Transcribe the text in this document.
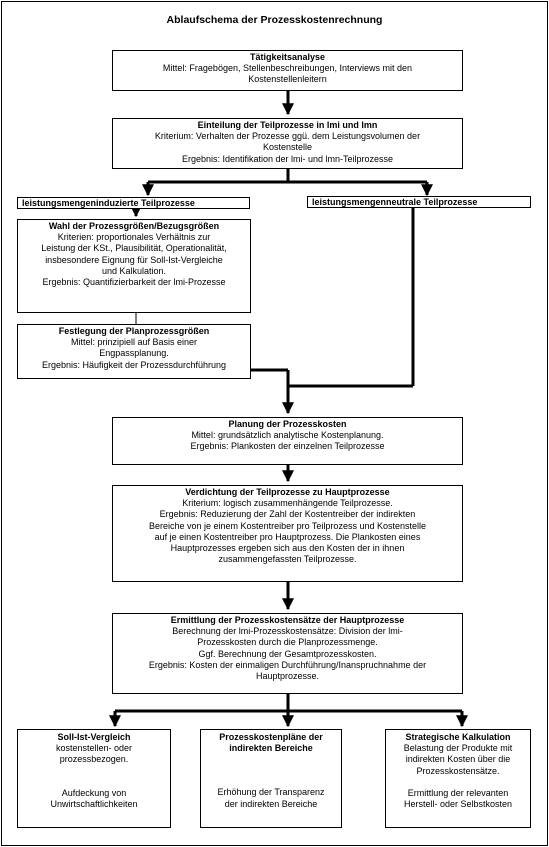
Ablaufschema der Prozesskostenrechnung
Tätigkeitsanalyse
Mittel: Fragebögen, Stellenbeschreibungen, Interviews mit den
Kostenstellenleitern
Einteilung der Teilprozesse in lmi und lmn
Kriterium: Verhalten der Prozesse ggü. dem Leistungsvolumen der
Kostenstelle
Ergebnis: Identifikation der lmi- und lmn-Teilprozesse
leistungsmengeninduzierte Teilprozesse	leistungsmengenneutrale Teilprozesse
Wahl der Prozessgrößen/Bezugsgrößen
Kriterien: proportionales Verhältnis zur
Leistung der KSt., Plausibilität, Operationalität,
insbesondere Eignung für Soll-Ist-Vergleiche
und Kalkulation.
Ergebnis: Quantifizierbarkeit der lmi-Prozesse
Festlegung der Planprozessgrößen
Mittel: prinzipiell auf Basis einer
Engpassplanung.
Ergebnis: Häufigkeit der Prozessdurchführung
Planung der Prozesskosten
Mittel: grundsätzlich analytische Kostenplanung.
Ergebnis: Plankosten der einzelnen Teilprozesse
Verdichtung der Teilprozesse zu Hauptprozesse
Kriterium: logisch zusammenhängende Teilprozesse.
Ergebnis: Reduzierung der Zahl der Kostentreiber der indirekten
Bereiche von je einem Kostentreiber pro Teilprozess und Kostenstelle
auf je einen Kostentreiber pro Hauptprozess. Die Plankosten eines
Hauptprozesses ergeben sich aus den Kosten der in ihnen
zusammengefassten Teilprozesse.
Ermittlung der Prozesskostensätze der Hauptprozesse
Berechnung der lmi-Prozesskostensätze: Division der lmi-
Prozesskosten durch die Planprozessmenge.
Ggf. Berechnung der Gesamtprozesskosten.
Ergebnis: Kosten der einmaligen Durchführung/Inanspruchnahme der
Hauptprozesse.
Soll-Ist-Vergleich
kostenstellen- oder
prozessbezogen.
Aufdeckung von
Unwirtschaftlichkeiten
Prozesskostenpläne der
indirekten Bereiche
Erhöhung der Transparenz
der indirekten Bereiche
Strategische Kalkulation
Belastung der Produkte mit
indirekten Kosten über die
Prozesskostensätze.
Ermittlung der relevanten
Herstell- oder Selbstkosten
